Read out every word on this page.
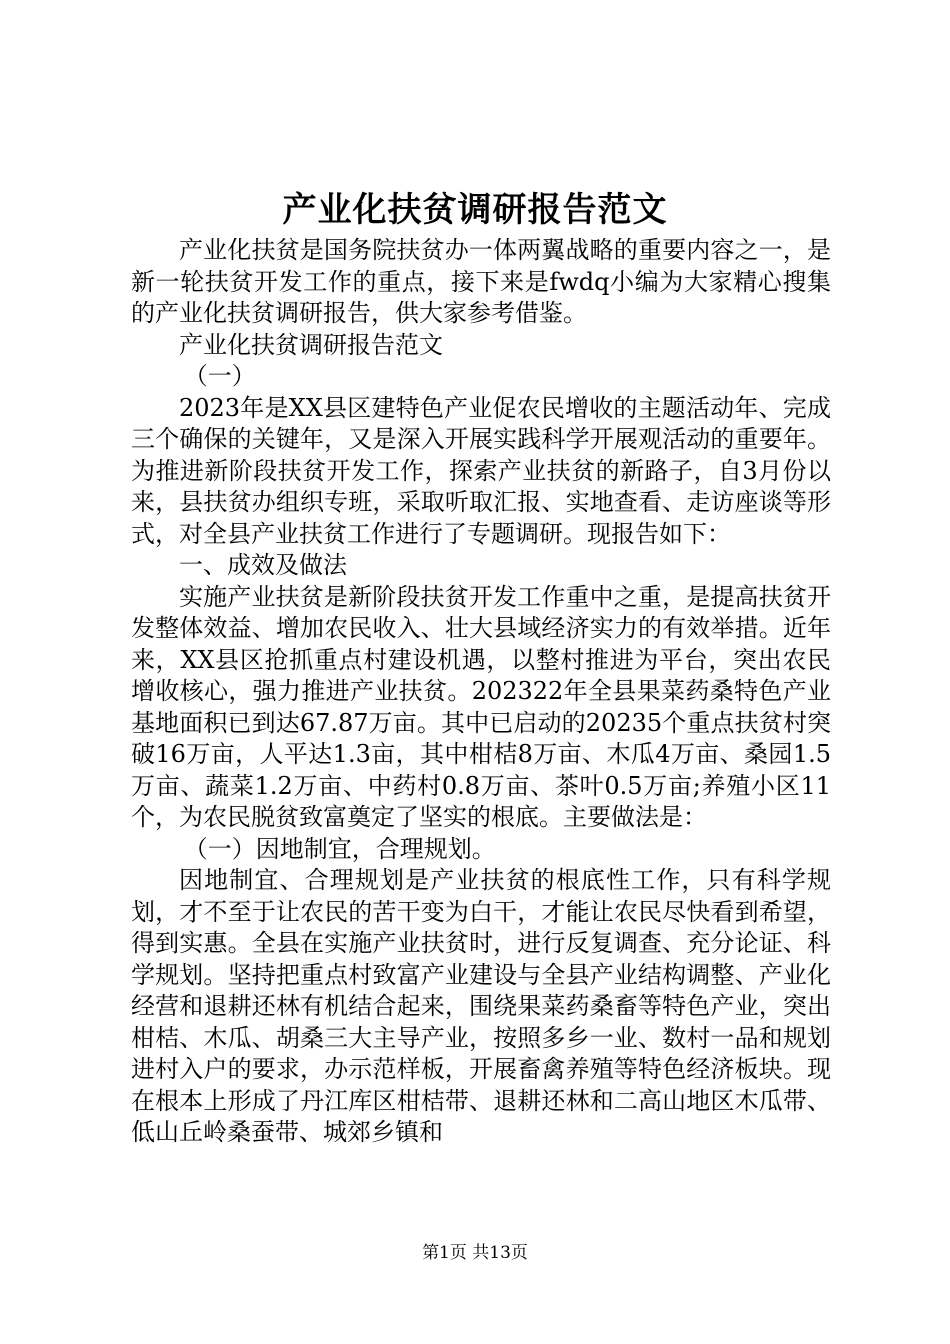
产业化扶贫调研报告范文

产业化扶贫是国务院扶贫办一体两翼战略的重要内容之一，是新一轮扶贫开发工作的重点，接下来是fwdq小编为大家精心搜集的产业化扶贫调研报告，供大家参考借鉴。

产业化扶贫调研报告范文

（一）

2023年是XX县区建特色产业促农民增收的主题活动年、完成三个确保的关键年，又是深入开展实践科学开展观活动的重要年。为推进新阶段扶贫开发工作，探索产业扶贫的新路子，自3月份以来，县扶贫办组织专班，采取听取汇报、实地查看、走访座谈等形式，对全县产业扶贫工作进行了专题调研。现报告如下：

一、成效及做法

实施产业扶贫是新阶段扶贫开发工作重中之重，是提高扶贫开发整体效益、增加农民收入、壮大县域经济实力的有效举措。近年来，XX县区抢抓重点村建设机遇，以整村推进为平台，突出农民增收核心，强力推进产业扶贫。202322年全县果菜药桑特色产业基地面积已到达67.87万亩。其中已启动的20235个重点扶贫村突破16万亩，人平达1.3亩，其中柑桔8万亩、木瓜4万亩、桑园1.5万亩、蔬菜1.2万亩、中药村0.8万亩、茶叶0.5万亩;养殖小区11个，为农民脱贫致富奠定了坚实的根底。主要做法是：

（一）因地制宜，合理规划。

因地制宜、合理规划是产业扶贫的根底性工作，只有科学规划，才不至于让农民的苦干变为白干，才能让农民尽快看到希望，得到实惠。全县在实施产业扶贫时，进行反复调查、充分论证、科学规划。坚持把重点村致富产业建设与全县产业结构调整、产业化经营和退耕还林有机结合起来，围绕果菜药桑畜等特色产业，突出柑桔、木瓜、胡桑三大主导产业，按照多乡一业、数村一品和规划进村入户的要求，办示范样板，开展畜禽养殖等特色经济板块。现在根本上形成了丹江库区柑桔带、退耕还林和二高山地区木瓜带、低山丘岭桑蚕带、城郊乡镇和

第1页 共13页
